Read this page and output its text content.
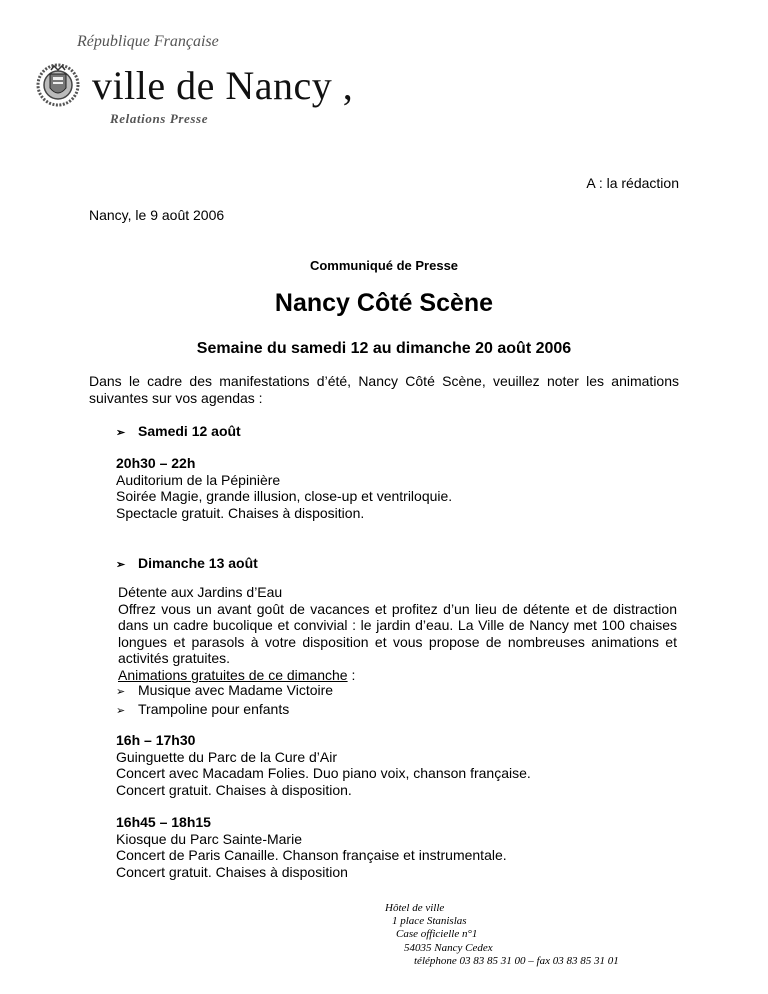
République Française
ville de Nancy ,
Relations Presse
A : la rédaction
Nancy, le 9 août 2006
Communiqué de Presse
Nancy Côté Scène
Semaine du samedi 12 au dimanche 20 août 2006
Dans le cadre des manifestations d’été, Nancy Côté Scène, veuillez noter les animations suivantes sur vos agendas :
➢ Samedi 12 août
20h30 – 22h
Auditorium de la Pépinière
Soirée Magie, grande illusion, close-up et ventriloquie.
Spectacle gratuit. Chaises à disposition.
➢ Dimanche 13 août
Détente aux Jardins d’Eau
Offrez vous un avant goût de vacances et profitez d’un lieu de détente et de distraction dans un cadre bucolique et convivial : le jardin d’eau. La Ville de Nancy met 100 chaises longues et parasols à votre disposition et vous propose de nombreuses animations et activités gratuites.
Animations gratuites de ce dimanche :
➢ Musique avec Madame Victoire
➢ Trampoline pour enfants
16h – 17h30
Guinguette du Parc de la Cure d’Air
Concert avec Macadam Folies. Duo piano voix, chanson française.
Concert gratuit. Chaises à disposition.
16h45 – 18h15
Kiosque du Parc Sainte-Marie
Concert de Paris Canaille. Chanson française et instrumentale.
Concert gratuit. Chaises à disposition
Hôtel de ville
1 place Stanislas
Case officielle n°1
54035 Nancy Cedex
téléphone 03 83 85 31 00 – fax 03 83 85 31 01
